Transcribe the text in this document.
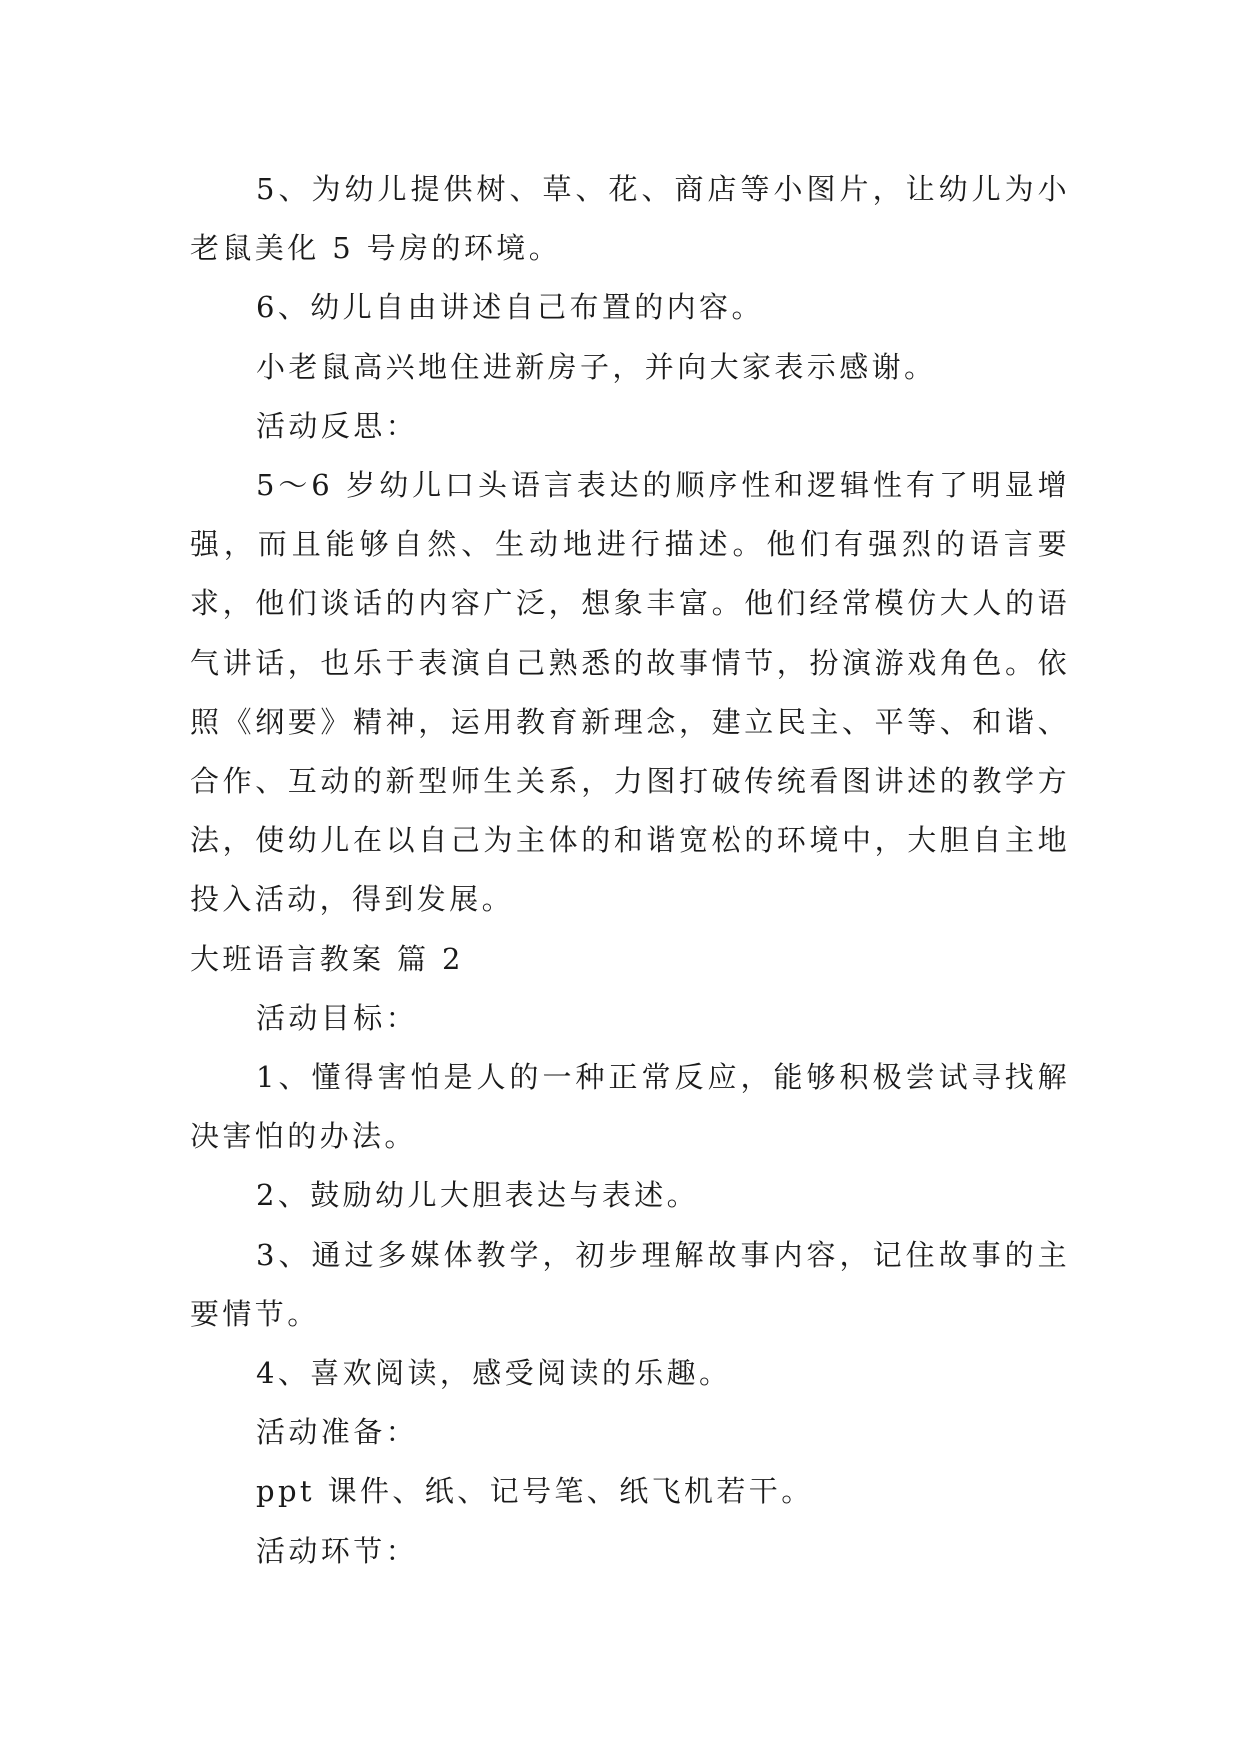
5、为幼儿提供树、草、花、商店等小图片，让幼儿为小老鼠美化 5 号房的环境。

6、幼儿自由讲述自己布置的内容。

小老鼠高兴地住进新房子，并向大家表示感谢。

活动反思：

5～6 岁幼儿口头语言表达的顺序性和逻辑性有了明显增强，而且能够自然、生动地进行描述。他们有强烈的语言要求，他们谈话的内容广泛，想象丰富。他们经常模仿大人的语气讲话，也乐于表演自己熟悉的故事情节，扮演游戏角色。依照《纲要》精神，运用教育新理念，建立民主、平等、和谐、合作、互动的新型师生关系，力图打破传统看图讲述的教学方法，使幼儿在以自己为主体的和谐宽松的环境中，大胆自主地投入活动，得到发展。

大班语言教案 篇 2

活动目标：

1、懂得害怕是人的一种正常反应，能够积极尝试寻找解决害怕的办法。

2、鼓励幼儿大胆表达与表述。

3、通过多媒体教学，初步理解故事内容，记住故事的主要情节。

4、喜欢阅读，感受阅读的乐趣。

活动准备：

ppt 课件、纸、记号笔、纸飞机若干。

活动环节：
